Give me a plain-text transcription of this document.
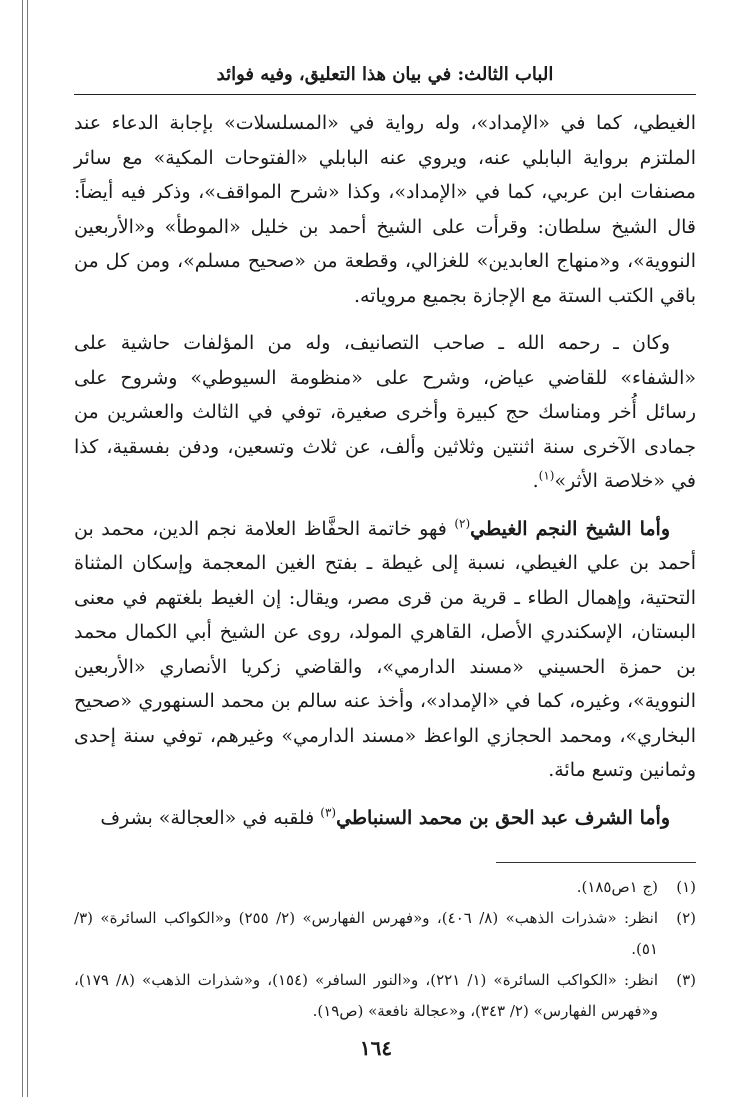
الباب الثالث: في بيان هذا التعليق، وفيه فوائد

الغيطي، كما في «الإمداد»، وله رواية في «المسلسلات» بإجابة الدعاء عند الملتزم برواية البابلي عنه، ويروي عنه البابلي «الفتوحات المكية» مع سائر مصنفات ابن عربي، كما في «الإمداد»، وكذا «شرح المواقف»، وذكر فيه أيضاً: قال الشيخ سلطان: وقرأت على الشيخ أحمد بن خليل «الموطأ» و«الأربعين النووية»، و«منهاج العابدين» للغزالي، وقطعة من «صحيح مسلم»، ومن كل من باقي الكتب الستة مع الإجازة بجميع مروياته.

وكان ـ رحمه الله ـ صاحب التصانيف، وله من المؤلفات حاشية على «الشفاء» للقاضي عياض، وشرح على «منظومة السيوطي» وشروح على رسائل أُخر ومناسك حج كبيرة وأخرى صغيرة، توفي في الثالث والعشرين من جمادى الآخرى سنة اثنتين وثلاثين وألف، عن ثلاث وتسعين، ودفن بفسقية، كذا في «خلاصة الأثر»$^{(١)}$.

وأما الشيخ النجم الغيطي$^{(٢)}$ فهو خاتمة الحفَّاظ العلامة نجم الدين، محمد بن أحمد بن علي الغيطي، نسبة إلى غيطة ـ بفتح الغين المعجمة وإسكان المثناة التحتية، وإهمال الطاء ـ قرية من قرى مصر، ويقال: إن الغيط بلغتهم في معنى البستان، الإسكندري الأصل، القاهري المولد، روى عن الشيخ أبي الكمال محمد بن حمزة الحسيني «مسند الدارمي»، والقاضي زكريا الأنصاري «الأربعين النووية»، وغيره، كما في «الإمداد»، وأخذ عنه سالم بن محمد السنهوري «صحيح البخاري»، ومحمد الحجازي الواعظ «مسند الدارمي» وغيرهم، توفي سنة إحدى وثمانين وتسع مائة.

وأما الشرف عبد الحق بن محمد السنباطي$^{(٣)}$ فلقبه في «العجالة» بشرف

(١)
(ج ١ص١٨٥).
(٢)
انظر: «شذرات الذهب» (٨/ ٤٠٦)، و«فهرس الفهارس» (٢/ ٢٥٥) و«الكواكب السائرة» (٣/ ٥١).
(٣)
انظر: «الكواكب السائرة» (١/ ٢٢١)، و«النور السافر» (١٥٤)، و«شذرات الذهب» (٨/ ١٧٩)، و«فهرس الفهارس» (٢/ ٣٤٣)، و«عجالة نافعة» (ص١٩).
١٦٤
